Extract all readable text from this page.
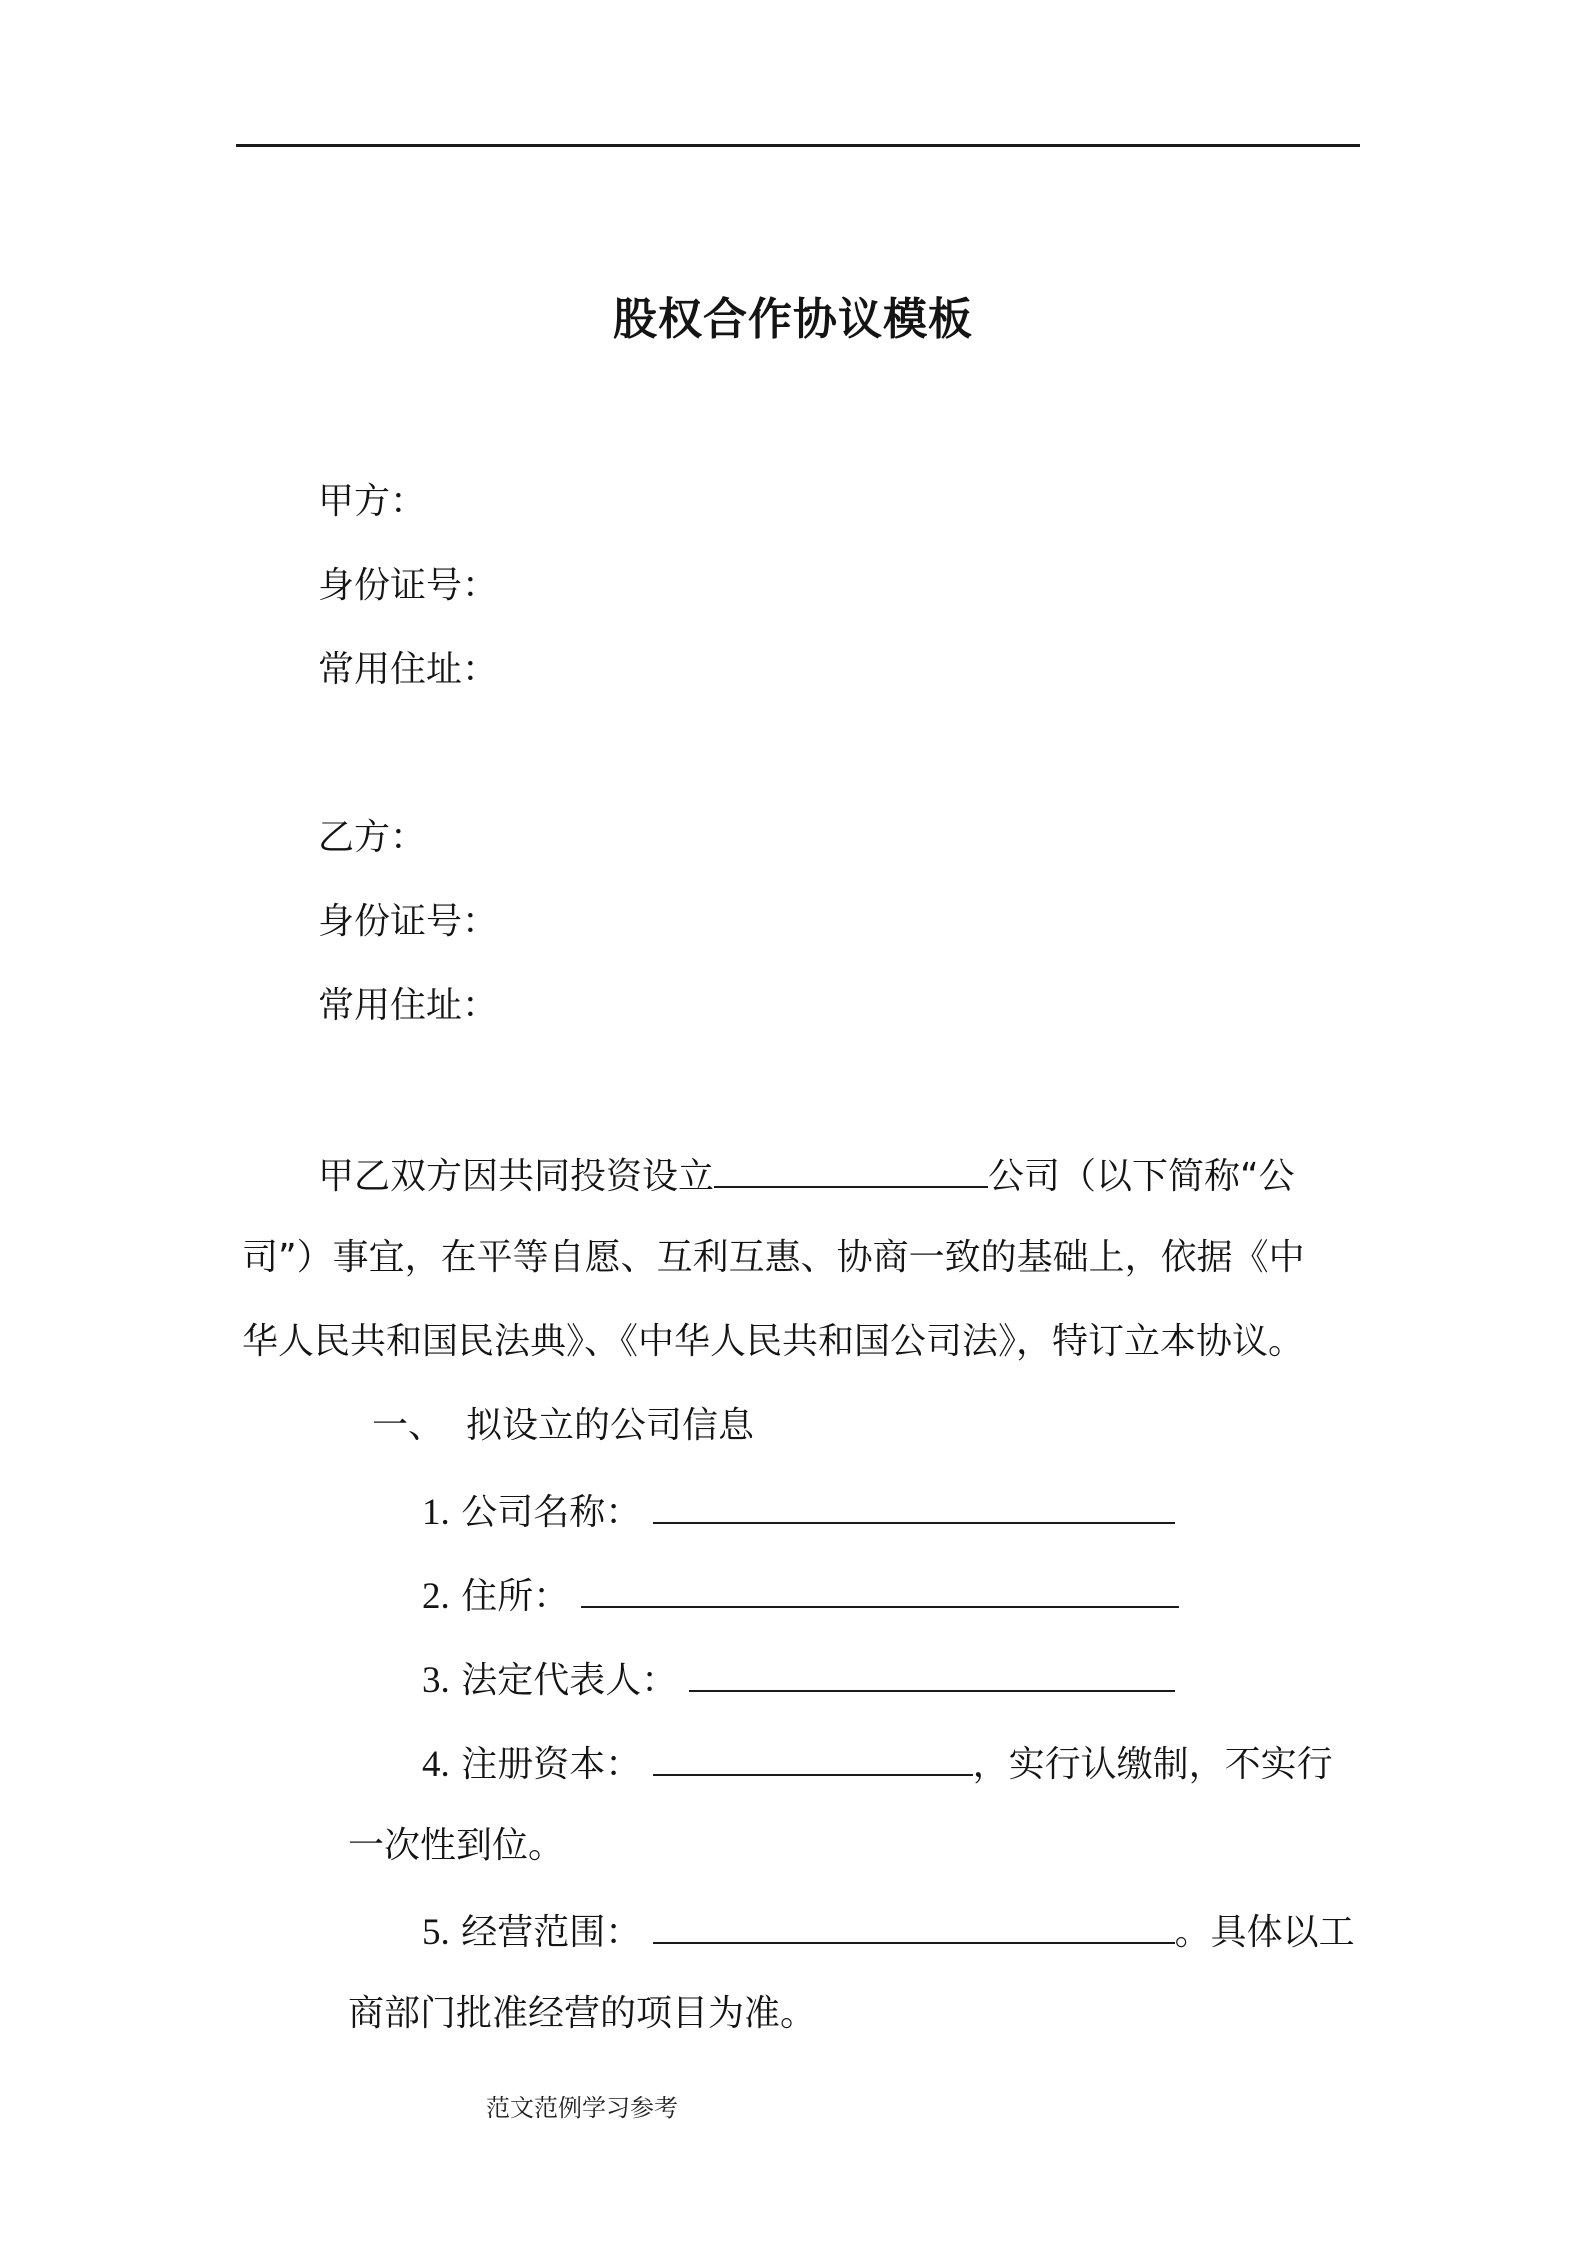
股权合作协议模板
甲方：
身份证号：
常用住址：
乙方：
身份证号：
常用住址：
甲乙双方因共同投资设立	公司（以下简称“公
司”）事宜，在平等自愿、互利互惠、协商一致的基础上，依据《中
华人民共和国民法典》、《中华人民共和国公司法》，特订立本协议。
一、 拟设立的公司信息
1. 公司名称：
2. 住所：
3. 法定代表人：
4. 注册资本：	，实行认缴制，不实行
一次性到位。
5. 经营范围：	。具体以工
商部门批准经营的项目为准。
范文范例学习参考
